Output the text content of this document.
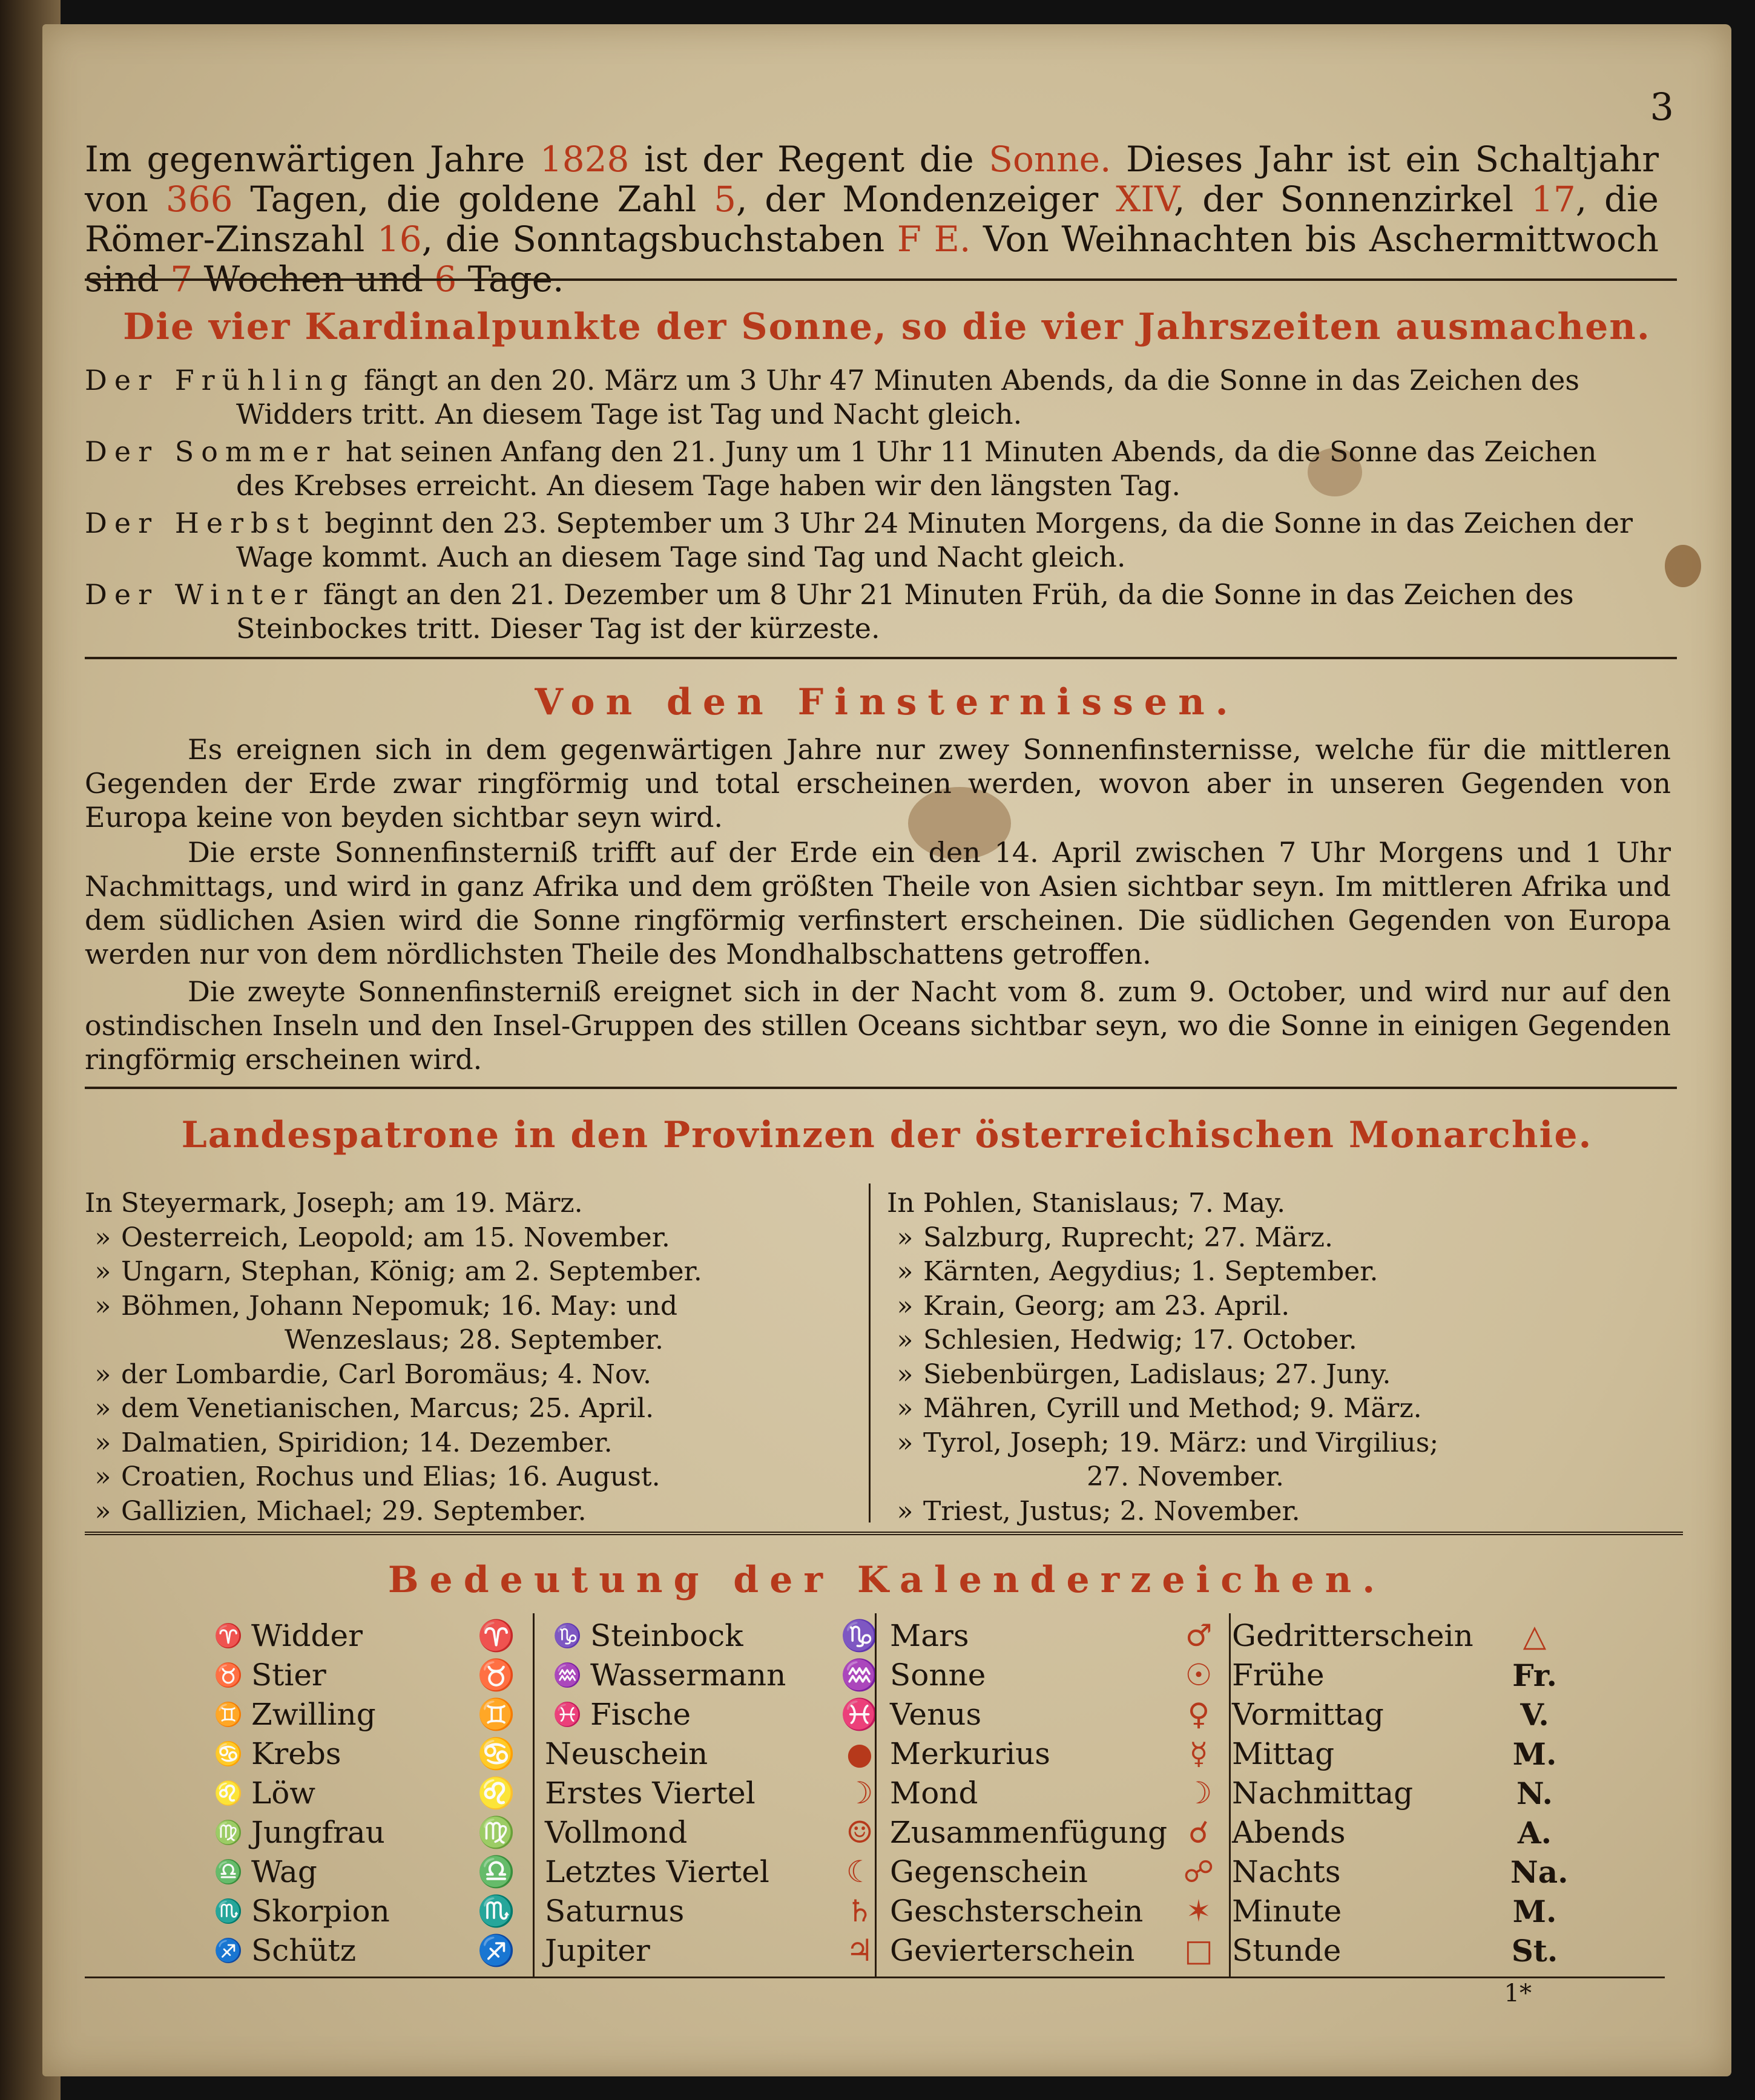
3
Im gegenwärtigen Jahre 1828 ist der Regent die Sonne. Dieses Jahr ist ein Schaltjahr von 366 Tagen, die goldene Zahl 5, der Mondenzeiger XIV, der Sonnenzirkel 17, die Römer-Zinszahl 16, die Sonntagsbuchstaben F E. Von Weihnachten bis Aschermittwoch sind 7 Wochen und 6 Tage.
Die vier Kardinalpunkte der Sonne, so die vier Jahrszeiten ausmachen.
Der Frühling fängt an den 20. März um 3 Uhr 47 Minuten Abends, da die Sonne in das Zeichen des
Widders tritt. An diesem Tage ist Tag und Nacht gleich.
Der Sommer hat seinen Anfang den 21. Juny um 1 Uhr 11 Minuten Abends, da die Sonne das Zeichen
des Krebses erreicht. An diesem Tage haben wir den längsten Tag.
Der Herbst beginnt den 23. September um 3 Uhr 24 Minuten Morgens, da die Sonne in das Zeichen der
Wage kommt. Auch an diesem Tage sind Tag und Nacht gleich.
Der Winter fängt an den 21. Dezember um 8 Uhr 21 Minuten Früh, da die Sonne in das Zeichen des
Steinbockes tritt. Dieser Tag ist der kürzeste.
Von den Finsternissen.
Es ereignen sich in dem gegenwärtigen Jahre nur zwey Sonnenfinsternisse, welche für die mittleren Gegenden der Erde zwar ringförmig und total erscheinen werden, wovon aber in unseren Gegenden von Europa keine von beyden sichtbar seyn wird.
Die erste Sonnenfinsterniß trifft auf der Erde ein den 14. April zwischen 7 Uhr Morgens und 1 Uhr Nachmittags, und wird in ganz Afrika und dem größten Theile von Asien sichtbar seyn. Im mittleren Afrika und dem südlichen Asien wird die Sonne ringförmig verfinstert erscheinen. Die südlichen Gegenden von Europa werden nur von dem nördlichsten Theile des Mondhalbschattens getroffen.
Die zweyte Sonnenfinsterniß ereignet sich in der Nacht vom 8. zum 9. October, und wird nur auf den ostindischen Inseln und den Insel-Gruppen des stillen Oceans sichtbar seyn, wo die Sonne in einigen Gegenden ringförmig erscheinen wird.
Landespatrone in den Provinzen der österreichischen Monarchie.
In Steyermark, Joseph; am 19. März.
» Oesterreich, Leopold; am 15. November.
» Ungarn, Stephan, König; am 2. September.
» Böhmen, Johann Nepomuk; 16. May: und
Wenzeslaus; 28. September.
» der Lombardie, Carl Boromäus; 4. Nov.
» dem Venetianischen, Marcus; 25. April.
» Dalmatien, Spiridion; 14. Dezember.
» Croatien, Rochus und Elias; 16. August.
» Gallizien, Michael; 29. September.
In Pohlen, Stanislaus; 7. May.
» Salzburg, Ruprecht; 27. März.
» Kärnten, Aegydius; 1. September.
» Krain, Georg; am 23. April.
» Schlesien, Hedwig; 17. October.
» Siebenbürgen, Ladislaus; 27. Juny.
» Mähren, Cyrill und Method; 9. März.
» Tyrol, Joseph; 19. März: und Virgilius;
27. November.
» Triest, Justus; 2. November.
Bedeutung der Kalenderzeichen.
♈ Widder	♈
♉ Stier	♉
♊ Zwilling	♊
♋ Krebs	♋
♌ Löw	♌
♍ Jungfrau	♍
♎ Wag	♎
♏ Skorpion	♏
♐ Schütz	♐
♑ Steinbock	♑
♒ Wassermann	♒
♓ Fische	♓
Neuschein	●
Erstes Viertel	☽
Vollmond	☺
Letztes Viertel	☾
Saturnus	♄
Jupiter	♃
Mars	♂
Sonne	☉
Venus	♀
Merkurius	☿
Mond	☽
Zusammenfügung ☌
Gegenschein	☍
Geschsterschein	✶
Gevierterschein	□
Gedritterschein	△
Frühe	Fr.
Vormittag	V.
Mittag	M.
Nachmittag	N.
Abends	A.
Nachts	Na.
Minute	M.
Stunde	St.
1*
